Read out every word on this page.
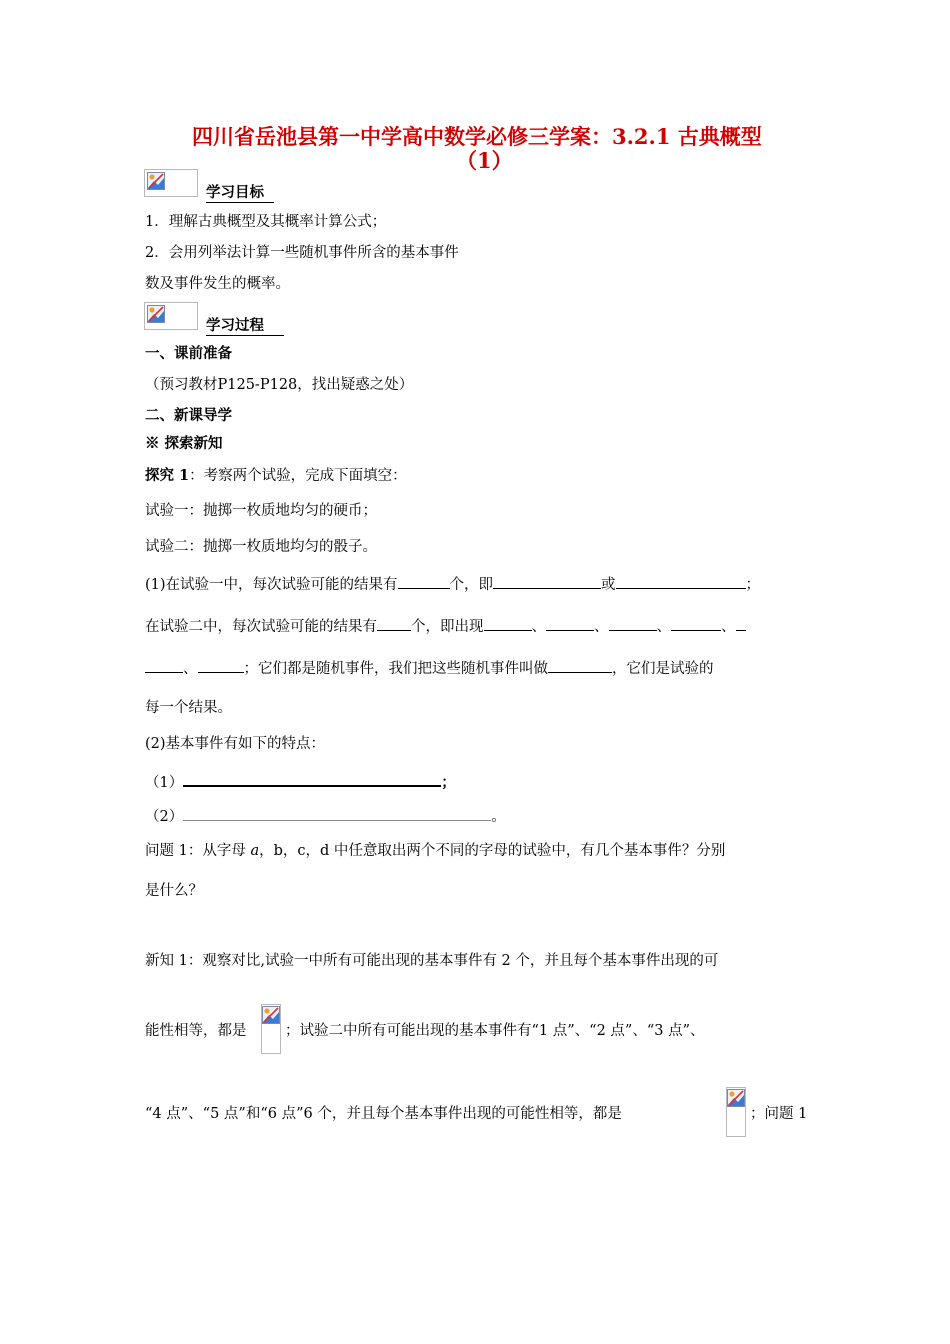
四川省岳池县第一中学高中数学必修三学案：3.2.1 古典概型
（1）
学习目标
1．理解古典概型及其概率计算公式；
2．会用列举法计算一些随机事件所含的基本事件
数及事件发生的概率。
学习过程
一、课前准备
（预习教材P125-P128，找出疑惑之处）
二、新课导学
※ 探索新知
探究 1：考察两个试验，完成下面填空：
试验一：抛掷一枚质地均匀的硬币；
试验二：抛掷一枚质地均匀的骰子。
(1)在试验一中，每次试验可能的结果有	个，即	或	；
在试验二中，每次试验可能的结果有 个，即出现	、	、	、	、
、	；它们都是随机事件，我们把这些随机事件叫做	，它们是试验的
每一个结果。
(2)基本事件有如下的特点：
（1）	；
（2）	。
问题 1：从字母 a，b，c，d 中任意取出两个不同的字母的试验中，有几个基本事件？分别
是什么？
新知 1：观察对比,试验一中所有可能出现的基本事件有 2 个，并且每个基本事件出现的可
能性相等，都是	；试验二中所有可能出现的基本事件有“1 点”、“2 点”、“3 点”、
“4 点”、“5 点”和“6 点”6 个，并且每个基本事件出现的可能性相等，都是	；问题 1
